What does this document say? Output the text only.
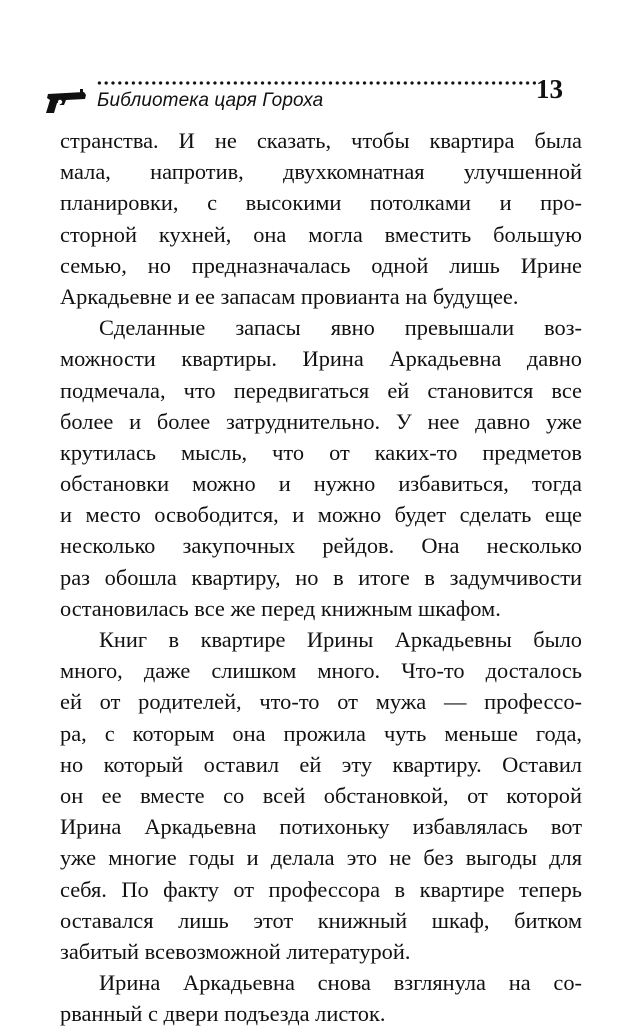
Библиотека царя Гороха	13
странства. И не сказать, чтобы квартира была
мала, напротив, двухкомнатная улучшенной
планировки, с высокими потолками и про-
сторной кухней, она могла вместить большую
семью, но предназначалась одной лишь Ирине
Аркадьевне и ее запасам провианта на будущее.
Сделанные запасы явно превышали воз-
можности квартиры. Ирина Аркадьевна давно
подмечала, что передвигаться ей становится все
более и более затруднительно. У нее давно уже
крутилась мысль, что от каких-то предметов
обстановки можно и нужно избавиться, тогда
и место освободится, и можно будет сделать еще
несколько закупочных рейдов. Она несколько
раз обошла квартиру, но в итоге в задумчивости
остановилась все же перед книжным шкафом.
Книг в квартире Ирины Аркадьевны было
много, даже слишком много. Что-то досталось
ей от родителей, что-то от мужа — профессо-
ра, с которым она прожила чуть меньше года,
но который оставил ей эту квартиру. Оставил
он ее вместе со всей обстановкой, от которой
Ирина Аркадьевна потихоньку избавлялась вот
уже многие годы и делала это не без выгоды для
себя. По факту от профессора в квартире теперь
оставался лишь этот книжный шкаф, битком
забитый всевозможной литературой.
Ирина Аркадьевна снова взглянула на со-
рванный с двери подъезда листок.
